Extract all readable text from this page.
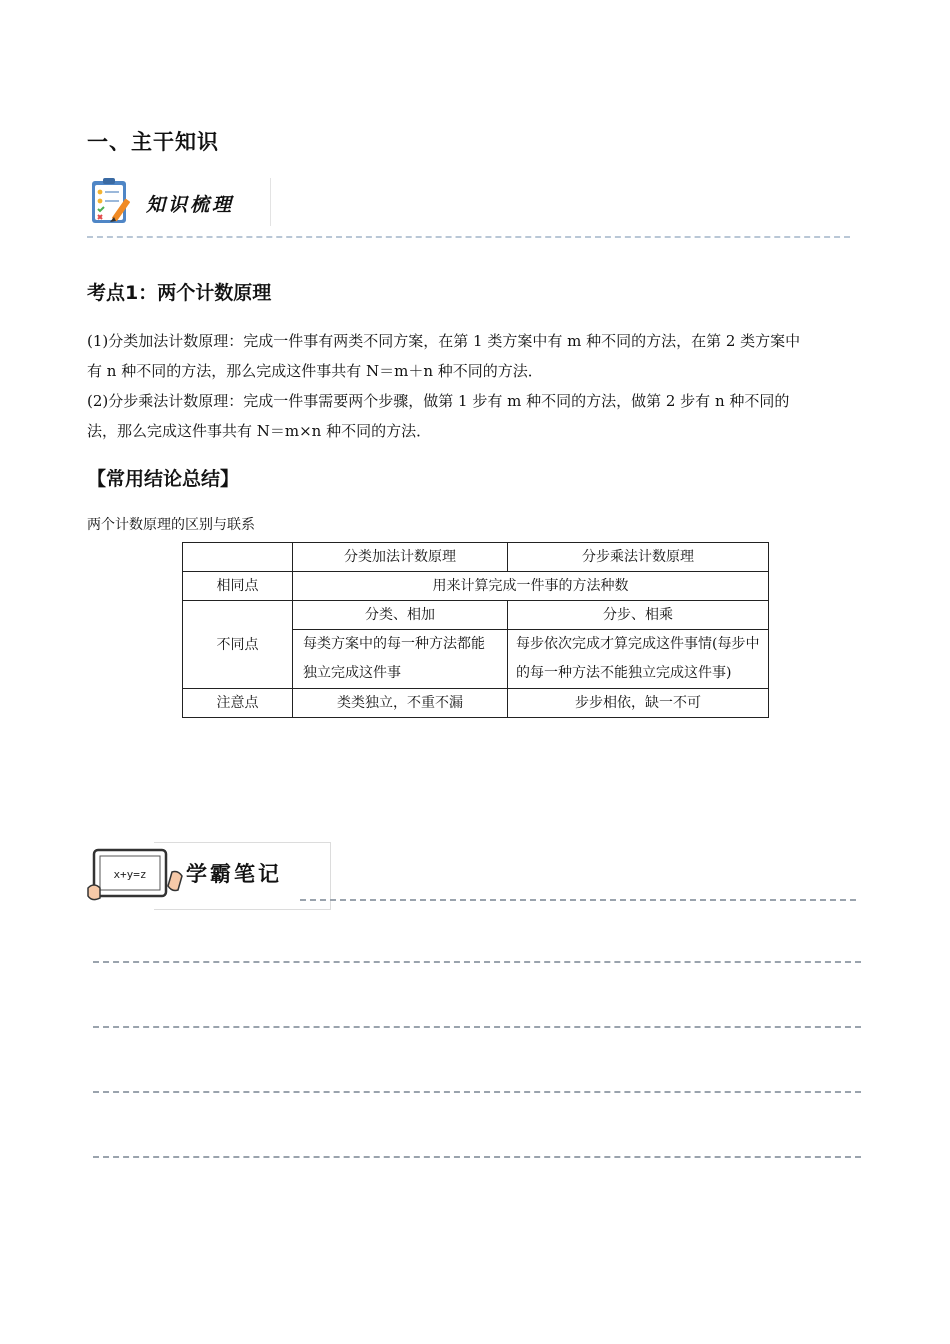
一、主干知识
知识梳理
考点1：两个计数原理
(1)分类加法计数原理：完成一件事有两类不同方案，在第 1 类方案中有 m 种不同的方法，在第 2 类方案中
有 n 种不同的方法，那么完成这件事共有 N＝m＋n 种不同的方法．
(2)分步乘法计数原理：完成一件事需要两个步骤，做第 1 步有 m 种不同的方法，做第 2 步有 n 种不同的
法，那么完成这件事共有 N＝m×n 种不同的方法．
【常用结论总结】
两个计数原理的区别与联系
	分类加法计数原理	分步乘法计数原理
相同点	用来计算完成一件事的方法种数	
不同点	分类、相加	分步、相乘
	每类方案中的每一种方法都能独立完成这件事	每步依次完成才算完成这件事情(每步中的每一种方法不能独立完成这件事)
注意点	类类独立，不重不漏	步步相依，缺一不可
x+y=z 学霸笔记
